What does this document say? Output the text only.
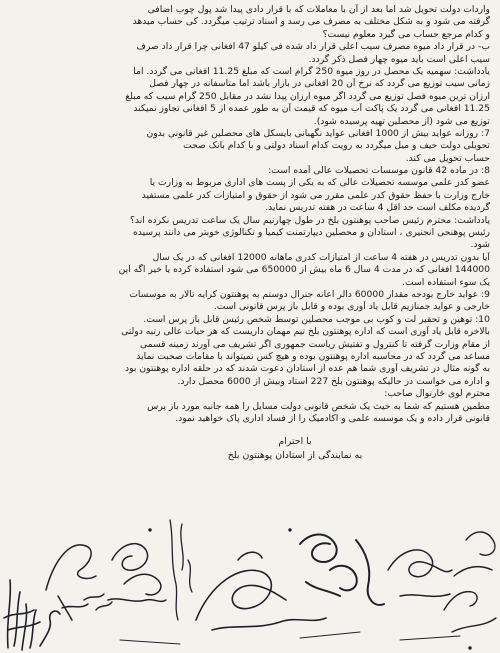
واردات دولت تحویل شد اما بعد از آن با معاملات که با قرار دادی پیدا شد پول چوب اضافی
گرفته می شود و به شکل مختلف به مصرف می رسد و اسناد ترتیب میگردد. کی حساب میدهد
و کدام مرجع حساب می گیرد معلوم نیست؟
ب- در قرار داد میوه مصرف سیب اعلی قرار داد شده فی کیلو 47 افغانی چرا قرار داد صرف
سیب اعلی است باید میوه چهار فصل ذکر گردد.
یادداشت: سهمیه یک محصل در روز میوه 250 گرام است که مبلغ 11.25 افغانی می گردد. اما
زمانی سیب توزیع می گردد که نرخ آن 20 افغانی در بازار باشد اما متاسفانه در چهار فصل
ارزان ترین میوه فصل توزیع می گردد اگر میوه ارزان پیدا نشد در مقابل 250 گرام سیب که مبلغ
11.25 افغانی می گردد یک پاکت آب میوه که قیمت آن به طور عمده از 5 افغانی تجاوز نمیکند
توزیع می شود (از محصلین تهیه پرسیده شود).
7: روزانه عواید بیش از 1000 افغانی عواید نگهبانی بایسکل های محصلین غیر قانونی بدون
تحویلی دولت حیف و میل میگردد به رویت کدام اسناد دولتی و با کدام بانک صحت
حساب تحویل می کند.
8: در ماده 42 قانون موسسات تحصیلات عالی آمده است:
عضو کدر علمی موسسه تحصیلات عالی که به یکی از پست های اداری مربوط به وزارت یا
خارج وزارت با حفظ حقوق کدر علمی مقرر می شود از حقوق و امتیازات کدر علمی مستفید
گردیده مکلف است حد اقل 4 ساعت در هفته تدریس نماید.
یادداشت: محترم رئیس صاحب پوهنتون بلخ در طول چهارنیم سال یک ساعت تدریس نکرده اند؟
رئیس پوهنحی انجنیری ، استادان و محصلین دیپارتمنت کیمیا و تکنالوژی خوبتر می دانند پرسیده
شود.
آیا بدون تدریس در هفته 4 ساعت از امتیازات کدری ماهانه 12000 افغانی که در یک سال
144000 افغانی که در مدت 4 سال 6 ماه بیش از 650000 می شود استفاده کرده یا خیر اگه این
یک سوء استفاده است.
9: عواید خارج بودجه مقدار 60000 دالر اعانه جنرال دوستم به پوهنتون کرایه تالار به موسسات
خارجی و عواید جمنازیم قابل یاد آوری بوده و قابل باز پرس قانونی است.
10: توهین و تحقیر لت و کوب بی موجب محصلین توسط شخص رئیس قابل باز پرس است.
بالاخره قابل یاد آوری است که اداره پوهنتون بلخ تیم مهمان داریست که هر حیات عالی رتبه دولتی
از مقام وزارت گرفته تا کنترول و تفتیش ریاست جمهوری اگر تشریف می آورند زمینه قسمی
مساعد می گردد که در محاسبه اداره پوهنتون بوده و هیچ کس نمیتواند با مقامات صحبت نماید
به گونه مثال در تشریف آوری شما هم عده از استادان دعوت شدند که در حلقه اداره پوهنتون بود
و اداره می خواست در حالیکه پوهنتون بلخ 227 استاد وبیش از 6000 محصل دارد.
محترم لوی څارنوال صاحب:
مطمین هستیم که شما به حیث یک شخص قانونی دولت مسایل را همه جانبه مورد باز پرس
قانونی قرار داده و یک موسسه علمی و اکادمیک را از فساد اداری پاک خواهید نمود.
با احترام
به نمایندگی از استادان پوهنتون بلخ
